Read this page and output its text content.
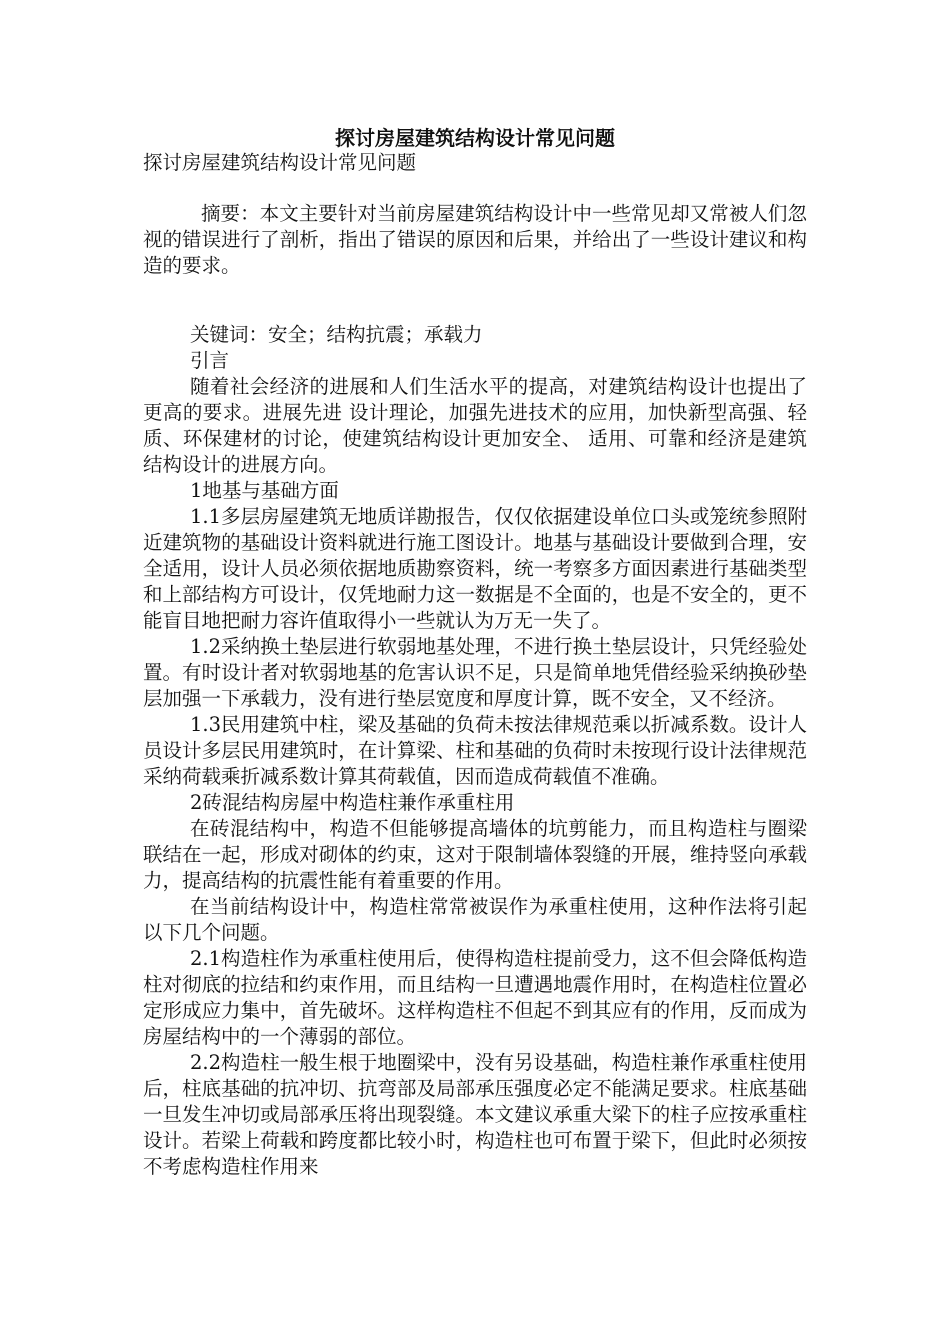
探讨房屋建筑结构设计常见问题
探讨房屋建筑结构设计常见问题
摘要：本文主要针对当前房屋建筑结构设计中一些常见却又常被人们忽视的错误进行了剖析，指出了错误的原因和后果，并给出了一些设计建议和构造的要求。

关键词：安全；结构抗震；承载力

引言

随着社会经济的进展和人们生活水平的提高，对建筑结构设计也提出了更高的要求。进展先进 设计理论，加强先进技术的应用，加快新型高强、轻质、环保建材的讨论，使建筑结构设计更加安全、 适用、可靠和经济是建筑结构设计的进展方向。

1地基与基础方面

1.1多层房屋建筑无地质详勘报告，仅仅依据建设单位口头或笼统参照附近建筑物的基础设计资料就进行施工图设计。地基与基础设计要做到合理，安全适用，设计人员必须依据地质勘察资料，统一考察多方面因素进行基础类型和上部结构方可设计，仅凭地耐力这一数据是不全面的，也是不安全的，更不能盲目地把耐力容许值取得小一些就认为万无一失了。

1.2采纳换土垫层进行软弱地基处理，不进行换土垫层设计，只凭经验处置。有时设计者对软弱地基的危害认识不足，只是简单地凭借经验采纳换砂垫层加强一下承载力，没有进行垫层宽度和厚度计算，既不安全，又不经济。

1.3民用建筑中柱，梁及基础的负荷未按法律规范乘以折减系数。设计人员设计多层民用建筑时，在计算梁、柱和基础的负荷时未按现行设计法律规范采纳荷载乘折减系数计算其荷载值，因而造成荷载值不准确。

2砖混结构房屋中构造柱兼作承重柱用

在砖混结构中，构造不但能够提高墙体的坑剪能力，而且构造柱与圈梁联结在一起，形成对砌体的约束，这对于限制墙体裂缝的开展，维持竖向承载力，提高结构的抗震性能有着重要的作用。

在当前结构设计中，构造柱常常被误作为承重柱使用，这种作法将引起以下几个问题。

2.1构造柱作为承重柱使用后，使得构造柱提前受力，这不但会降低构造柱对彻底的拉结和约束作用，而且结构一旦遭遇地震作用时，在构造柱位置必定形成应力集中，首先破坏。这样构造柱不但起不到其应有的作用，反而成为房屋结构中的一个薄弱的部位。

2.2构造柱一般生根于地圈梁中，没有另设基础，构造柱兼作承重柱使用后，柱底基础的抗冲切、抗弯部及局部承压强度必定不能满足要求。柱底基础一旦发生冲切或局部承压将出现裂缝。本文建议承重大梁下的柱子应按承重柱设计。若梁上荷载和跨度都比较小时，构造柱也可布置于梁下，但此时必须按不考虑构造柱作用来
